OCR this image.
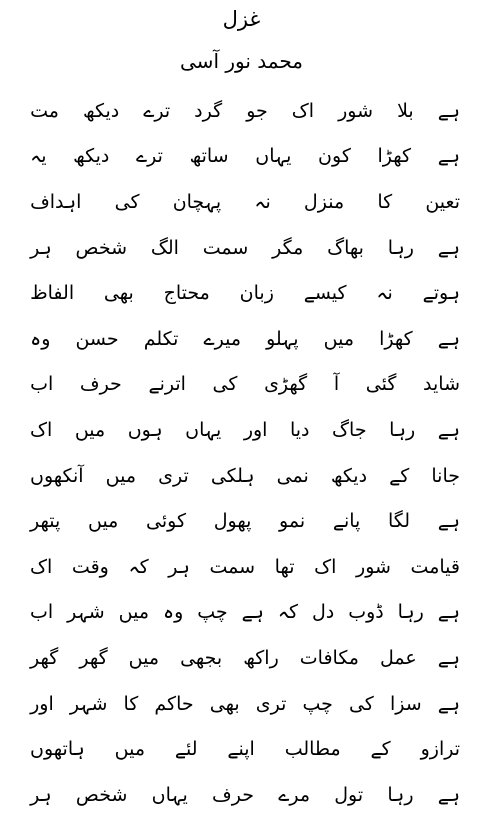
غزل
محمد نور آسی
مت دیکھ ترے گرد جو اک شور بلا ہے
یہ دیکھ ترے ساتھ یہاں کون کھڑا ہے
اہداف کی پہچان نہ منزل کا تعین
ہر شخص الگ سمت مگر بھاگ رہا ہے
الفاظ بھی محتاج زبان کیسے نہ ہوتے
وہ حسن تکلم میرے پہلو میں کھڑا ہے
اب حرف اترنے کی گھڑی آ گئی شاید
اک میں ہوں یہاں اور دیا جاگ رہا ہے
آنکھوں میں تری ہلکی نمی دیکھ کے جانا
پتھر میں کوئی پھول نمو پانے لگا ہے
اک وقت کہ ہر سمت تھا اک شور قیامت
اب شہر میں وہ چپ ہے کہ دل ڈوب رہا ہے
گھر گھر میں بجھی راکھ مکافات عمل ہے
اور شہر کا حاکم بھی تری چپ کی سزا ہے
ہاتھوں میں لئے اپنے مطالب کے ترازو
ہر شخص یہاں حرف مرے تول رہا ہے
